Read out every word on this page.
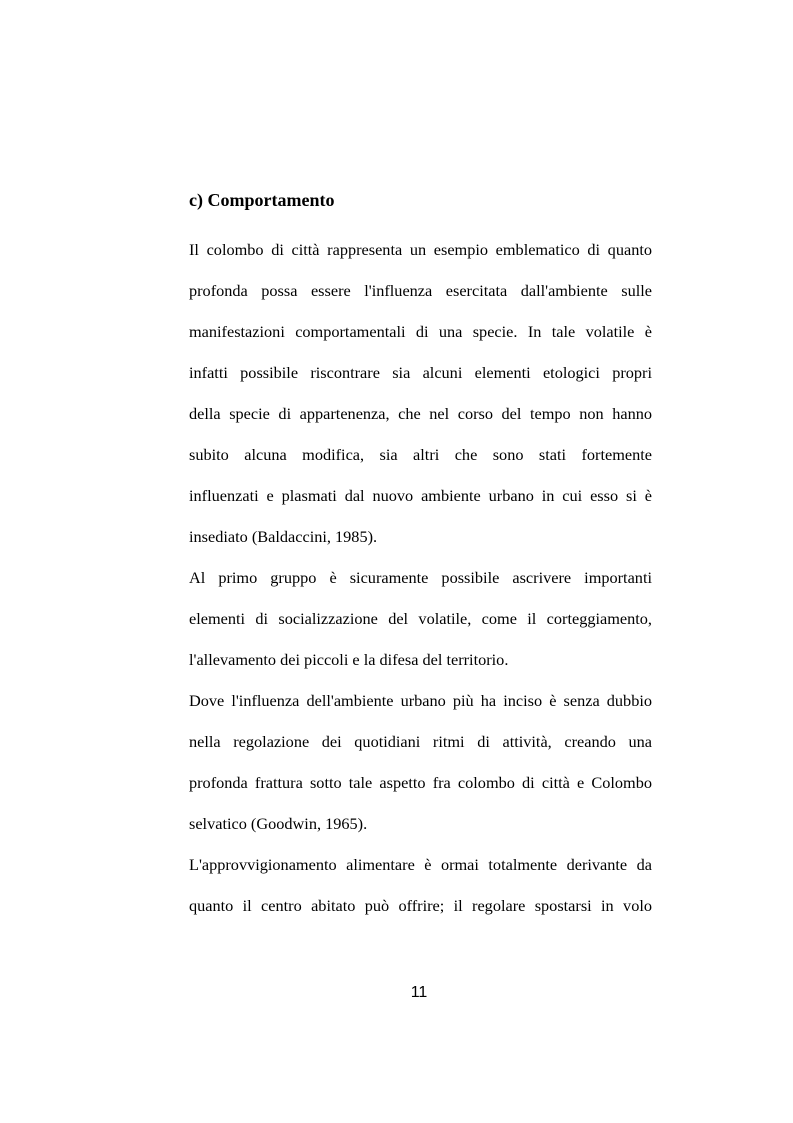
c) Comportamento
Il colombo di città rappresenta un esempio emblematico di quanto
profonda possa essere l'influenza esercitata dall'ambiente sulle
manifestazioni comportamentali di una specie. In tale volatile è
infatti possibile riscontrare sia alcuni elementi etologici propri
della specie di appartenenza, che nel corso del tempo non hanno
subito alcuna modifica, sia altri che sono stati fortemente
influenzati e plasmati dal nuovo ambiente urbano in cui esso si è
insediato (Baldaccini, 1985).
Al primo gruppo è sicuramente possibile ascrivere importanti
elementi di socializzazione del volatile, come il corteggiamento,
l'allevamento dei piccoli e la difesa del territorio.
Dove l'influenza dell'ambiente urbano più ha inciso è senza dubbio
nella regolazione dei quotidiani ritmi di attività, creando una
profonda frattura sotto tale aspetto fra colombo di città e Colombo
selvatico (Goodwin, 1965).
L'approvvigionamento alimentare è ormai totalmente derivante da
quanto il centro abitato può offrire; il regolare spostarsi in volo
11
